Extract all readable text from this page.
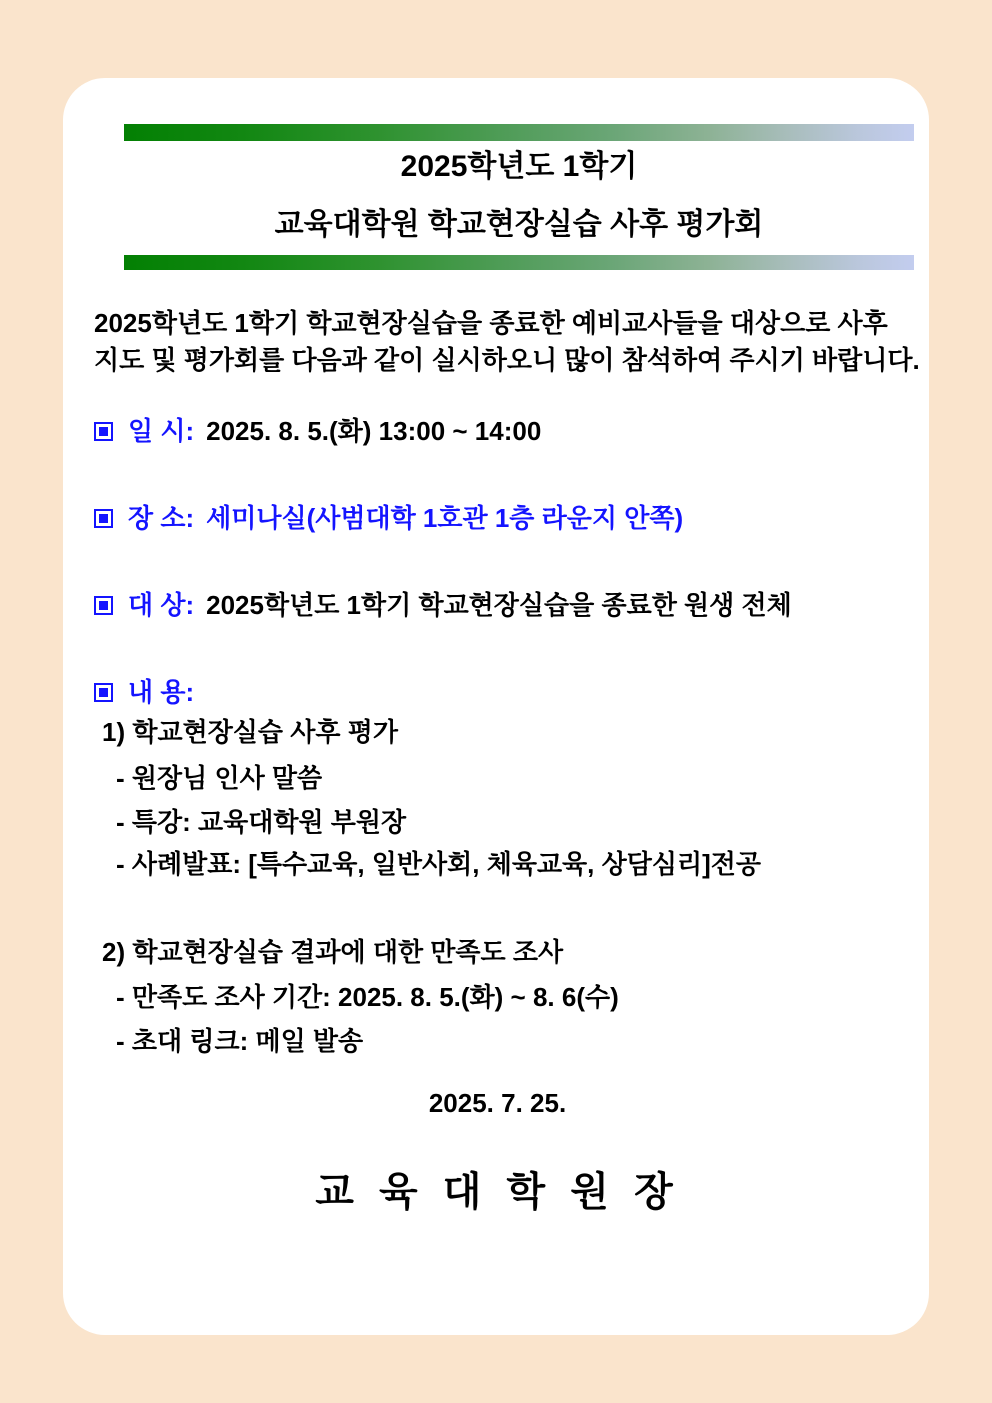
2025학년도 1학기
교육대학원 학교현장실습 사후 평가회
2025학년도 1학기 학교현장실습을 종료한 예비교사들을 대상으로 사후
지도 및 평가회를 다음과 같이 실시하오니 많이 참석하여 주시기 바랍니다.
일 시: 2025. 8. 5.(화) 13:00 ~ 14:00
장 소: 세미나실(사범대학 1호관 1층 라운지 안쪽)
대 상: 2025학년도 1학기 학교현장실습을 종료한 원생 전체
내 용:
1) 학교현장실습 사후 평가
- 원장님 인사 말씀
- 특강: 교육대학원 부원장
- 사례발표: [특수교육, 일반사회, 체육교육, 상담심리]전공
2) 학교현장실습 결과에 대한 만족도 조사
- 만족도 조사 기간: 2025. 8. 5.(화) ~ 8. 6(수)
- 초대 링크: 메일 발송
2025. 7. 25.
교 육 대 학 원 장
